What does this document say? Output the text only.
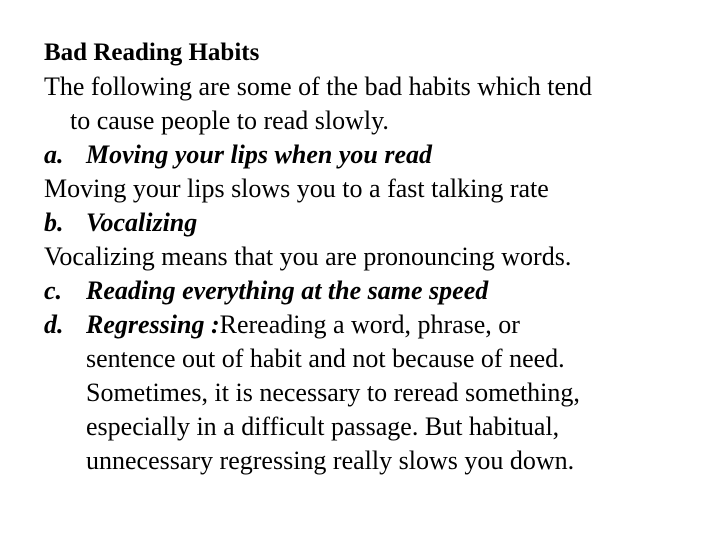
Bad Reading Habits
The following are some of the bad habits which tend
to cause people to read slowly.
a. Moving your lips when you read
Moving your lips slows you to a fast talking rate
b. Vocalizing
Vocalizing means that you are pronouncing words.
c. Reading everything at the same speed
d. Regressing :Rereading a word, phrase, or
sentence out of habit and not because of need.
Sometimes, it is necessary to reread something,
especially in a difficult passage. But habitual,
unnecessary regressing really slows you down.
